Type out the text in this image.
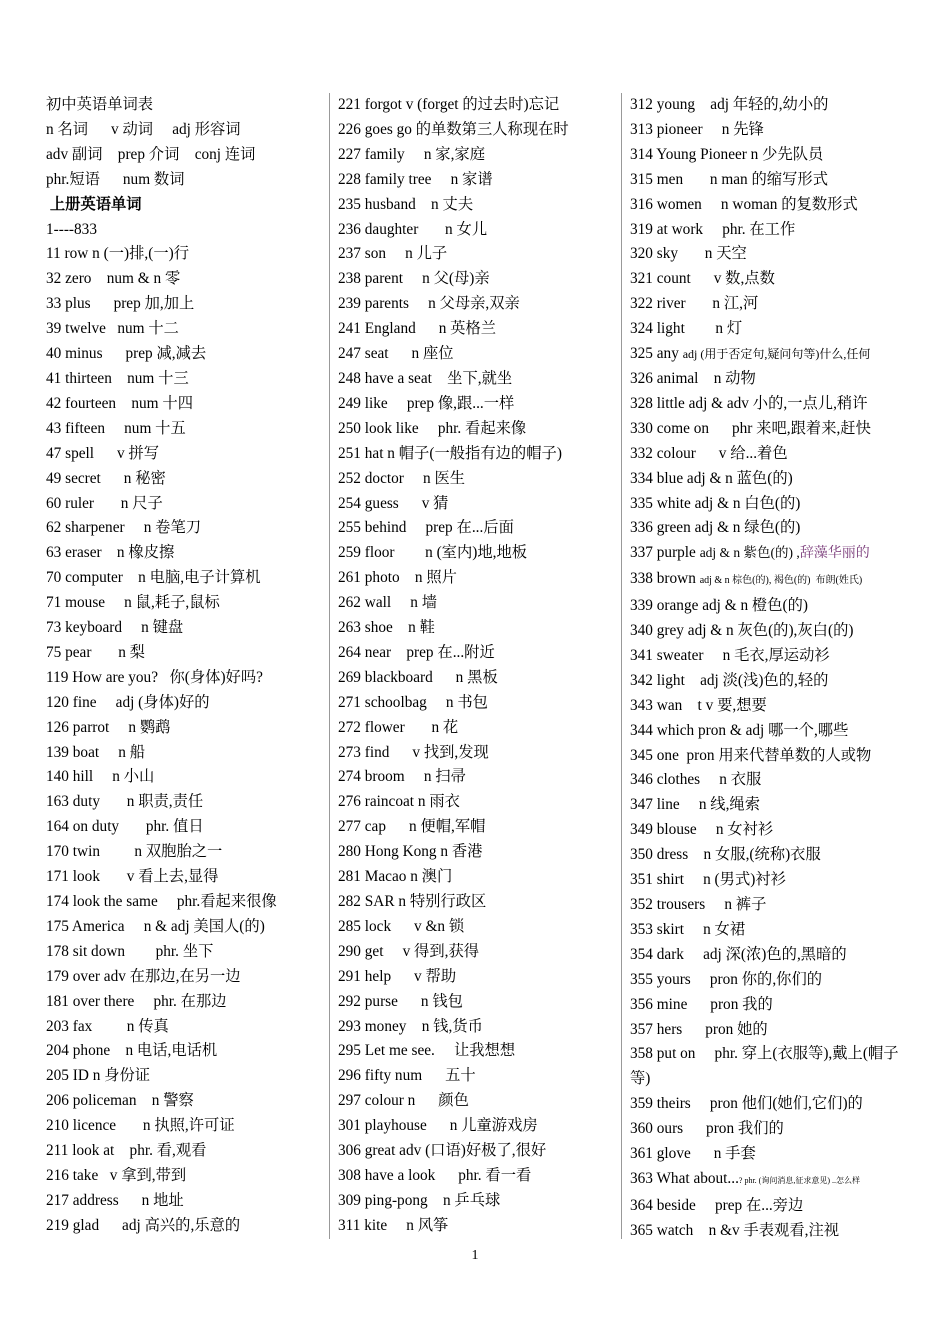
初中英语单词表
n 名词      v 动词     adj 形容词
adv 副词    prep 介词    conj 连词
phr.短语      num 数词
上册英语单词
1----833
11 row n (一)排,(一)行
32 zero    num & n 零
33 plus      prep 加,加上
39 twelve   num 十二
40 minus      prep 减,减去
41 thirteen    num 十三
42 fourteen    num 十四
43 fifteen     num 十五
47 spell      v 拼写
49 secret      n 秘密
60 ruler       n 尺子
62 sharpener     n 卷笔刀
63 eraser    n 橡皮擦
70 computer    n 电脑,电子计算机
71 mouse     n 鼠,耗子,鼠标
73 keyboard     n 键盘
75 pear       n 梨
119 How are you?   你(身体)好吗?
120 fine     adj (身体)好的
126 parrot     n 鹦鹉
139 boat     n 船
140 hill     n 小山
163 duty       n 职责,责任
164 on duty       phr. 值日
170 twin         n 双胞胎之一
171 look       v 看上去,显得
174 look the same     phr.看起来很像
175 America     n & adj 美国人(的)
178 sit down        phr. 坐下
179 over adv 在那边,在另一边
181 over there     phr. 在那边
203 fax         n 传真
204 phone    n 电话,电话机
205 ID n 身份证
206 policeman    n 警察
210 licence       n 执照,许可证
211 look at    phr. 看,观看
216 take   v 拿到,带到
217 address      n 地址
219 glad      adj 高兴的,乐意的
221 forgot v (forget 的过去时)忘记
226 goes go 的单数第三人称现在时
227 family     n 家,家庭
228 family tree     n 家谱
235 husband    n 丈夫
236 daughter       n 女儿
237 son     n 儿子
238 parent     n 父(母)亲
239 parents     n 父母亲,双亲
241 England      n 英格兰
247 seat      n 座位
248 have a seat    坐下,就坐
249 like     prep 像,跟...一样
250 look like     phr. 看起来像
251 hat n 帽子(一般指有边的帽子)
252 doctor     n 医生
254 guess      v 猜
255 behind     prep 在...后面
259 floor        n (室内)地,地板
261 photo    n 照片
262 wall     n 墙
263 shoe    n 鞋
264 near    prep 在...附近
269 blackboard      n 黑板
271 schoolbag     n 书包
272 flower       n 花
273 find      v 找到,发现
274 broom     n 扫帚
276 raincoat n 雨衣
277 cap      n 便帽,军帽
280 Hong Kong n 香港
281 Macao n 澳门
282 SAR n 特别行政区
285 lock      v &n 锁
290 get     v 得到,获得
291 help      v 帮助
292 purse      n 钱包
293 money    n 钱,货币
295 Let me see.     让我想想
296 fifty num      五十
297 colour n      颜色
301 playhouse      n 儿童游戏房
306 great adv (口语)好极了,很好
308 have a look      phr. 看一看
309 ping-pong    n 乒乓球
311 kite     n 风筝
312 young    adj 年轻的,幼小的
313 pioneer     n 先锋
314 Young Pioneer n 少先队员
315 men       n man 的缩写形式
316 women     n woman 的复数形式
319 at work     phr. 在工作
320 sky       n 天空
321 count      v 数,点数
322 river       n 江,河
324 light        n 灯
325 any adj (用于否定句,疑问句等)什么,任何
326 animal    n 动物
328 little adj & adv 小的,一点儿,稍许
330 come on      phr 来吧,跟着来,赶快
332 colour      v 给...着色
334 blue adj & n 蓝色(的)
335 white adj & n 白色(的)
336 green adj & n 绿色(的)
337 purple adj & n 紫色(的) ,辞藻华丽的
338 brown adj & n 棕色(的), 褐色(的)  布朗(姓氏)
339 orange adj & n 橙色(的)
340 grey adj & n 灰色(的),灰白(的)
341 sweater     n 毛衣,厚运动衫
342 light    adj 淡(浅)色的,轻的
343 wan    t v 要,想要
344 which pron & adj 哪一个,哪些
345 one  pron 用来代替单数的人或物
346 clothes     n 衣服
347 line     n 线,绳索
349 blouse     n 女衬衫
350 dress    n 女服,(统称)衣服
351 shirt     n (男式)衬衫
352 trousers     n 裤子
353 skirt     n 女裙
354 dark     adj 深(浓)色的,黑暗的
355 yours     pron 你的,你们的
356 mine      pron 我的
357 hers      pron 她的
358 put on     phr. 穿上(衣服等),戴上(帽子等)
359 theirs     pron 他们(她们,它们)的
360 ours      pron 我们的
361 glove      n 手套
363 What about...? phr. (询问消息,征求意见) ..怎么样
364 beside     prep 在...旁边
365 watch    n &v 手表观看,注视
1
